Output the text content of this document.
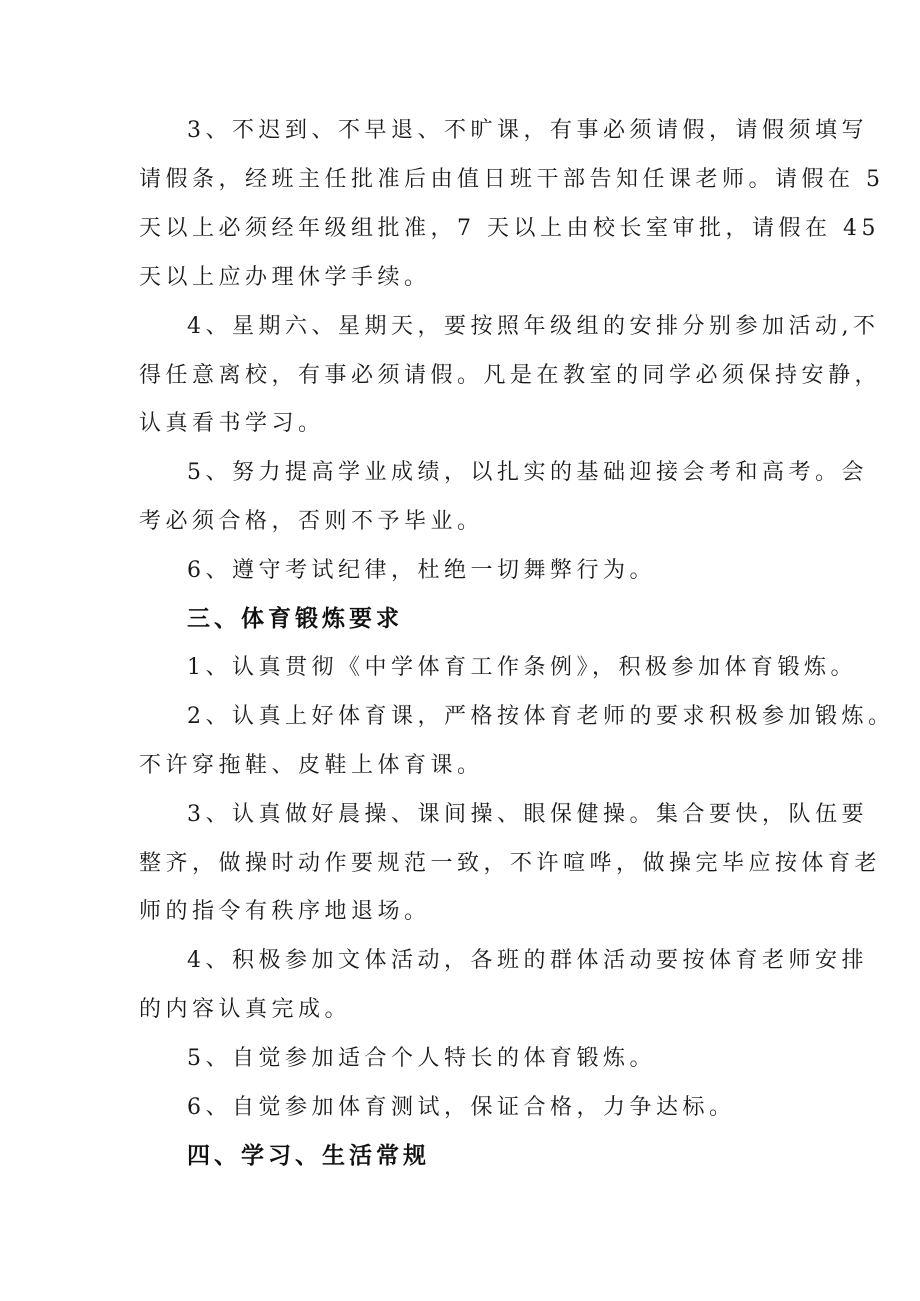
3、不迟到、不早退、不旷课，有事必须请假，请假须填写
请假条，经班主任批准后由值日班干部告知任课老师。请假在 5
天以上必须经年级组批准，7 天以上由校长室审批，请假在 45
天以上应办理休学手续。
4、星期六、星期天，要按照年级组的安排分别参加活动,不
得任意离校，有事必须请假。凡是在教室的同学必须保持安静，
认真看书学习。
5、努力提高学业成绩，以扎实的基础迎接会考和高考。会
考必须合格，否则不予毕业。
6、遵守考试纪律，杜绝一切舞弊行为。
三、体育锻炼要求
1、认真贯彻《中学体育工作条例》，积极参加体育锻炼。
2、认真上好体育课，严格按体育老师的要求积极参加锻炼。
不许穿拖鞋、皮鞋上体育课。
3、认真做好晨操、课间操、眼保健操。集合要快，队伍要
整齐，做操时动作要规范一致，不许喧哗，做操完毕应按体育老
师的指令有秩序地退场。
4、积极参加文体活动，各班的群体活动要按体育老师安排
的内容认真完成。
5、自觉参加适合个人特长的体育锻炼。
6、自觉参加体育测试，保证合格，力争达标。
四、学习、生活常规
